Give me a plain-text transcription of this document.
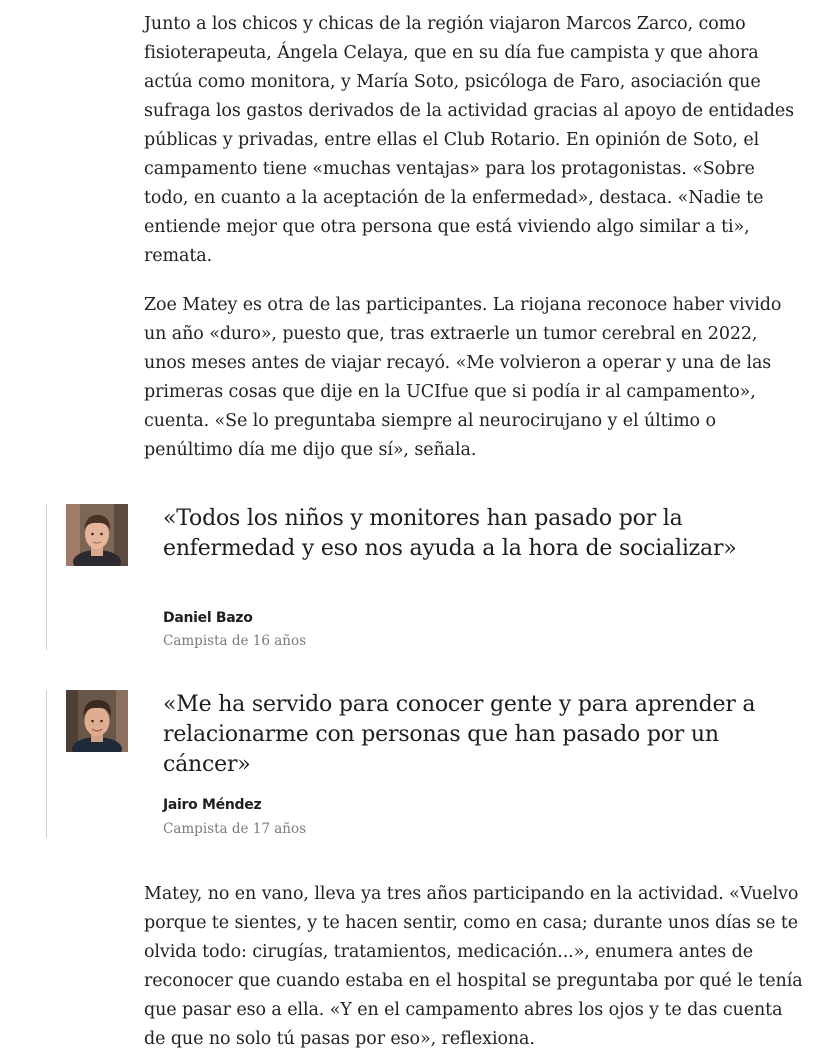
Junto a los chicos y chicas de la región viajaron Marcos Zarco, como fisioterapeuta, Ángela Celaya, que en su día fue campista y que ahora actúa como monitora, y María Soto, psicóloga de Faro, asociación que sufraga los gastos derivados de la actividad gracias al apoyo de entidades públicas y privadas, entre ellas el Club Rotario. En opinión de Soto, el campamento tiene «muchas ventajas» para los protagonistas. «Sobre todo, en cuanto a la aceptación de la enfermedad», destaca. «Nadie te entiende mejor que otra persona que está viviendo algo similar a ti», remata.

Zoe Matey es otra de las participantes. La riojana reconoce haber vivido un año «duro», puesto que, tras extraerle un tumor cerebral en 2022, unos meses antes de viajar recayó. «Me volvieron a operar y una de las primeras cosas que dije en la UCIfue que si podía ir al campamento», cuenta. «Se lo preguntaba siempre al neurocirujano y el último o penúltimo día me dijo que sí», señala.

«Todos los niños y monitores han pasado por la enfermedad y eso nos ayuda a la hora de socializar»

Daniel Bazo
Campista de 16 años

«Me ha servido para conocer gente y para aprender a relacionarme con personas que han pasado por un cáncer»

Jairo Méndez
Campista de 17 años

Matey, no en vano, lleva ya tres años participando en la actividad. «Vuelvo porque te sientes, y te hacen sentir, como en casa; durante unos días se te olvida todo: cirugías, tratamientos, medicación...», enumera antes de reconocer que cuando estaba en el hospital se preguntaba por qué le tenía que pasar eso a ella. «Y en el campamento abres los ojos y te das cuenta de que no solo tú pasas por eso», reflexiona.
